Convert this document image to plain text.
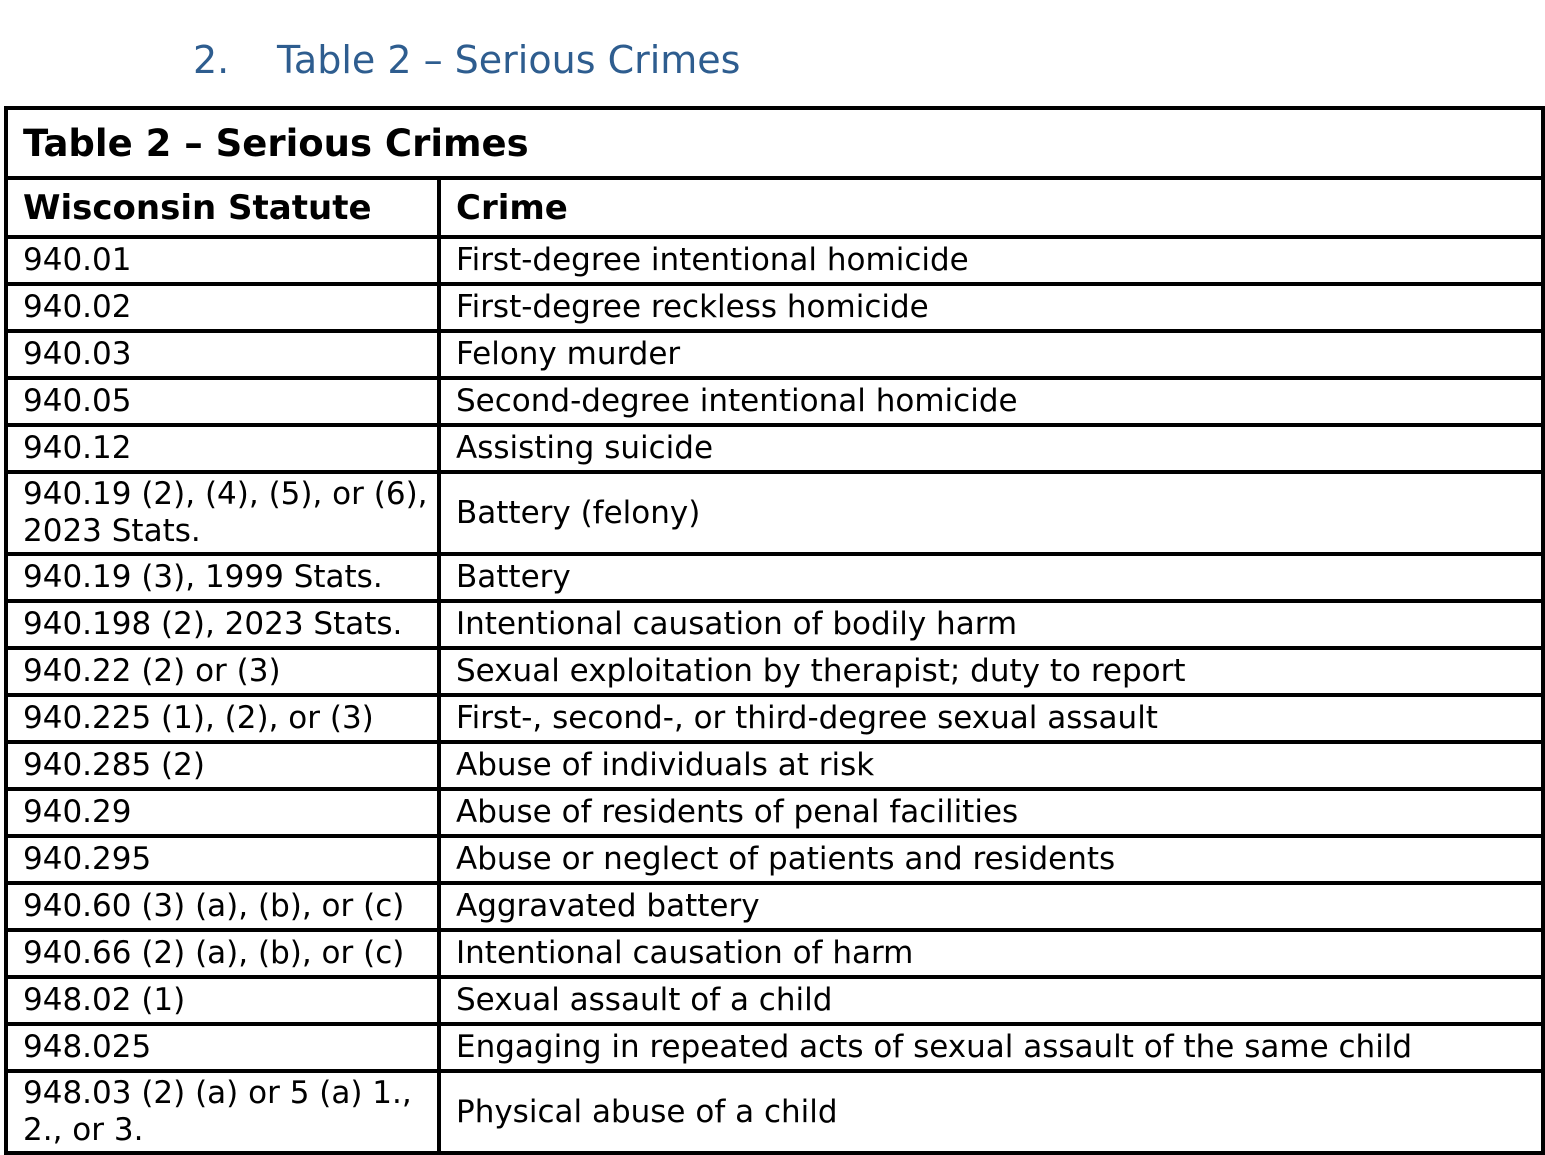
2. Table 2 – Serious Crimes
Table 2 – Serious Crimes	
Wisconsin Statute	Crime
940.01	First-degree intentional homicide
940.02	First-degree reckless homicide
940.03	Felony murder
940.05	Second-degree intentional homicide
940.12	Assisting suicide
940.19 (2), (4), (5), or (6), 2023 Stats.	Battery (felony)
940.19 (3), 1999 Stats.	Battery
940.198 (2), 2023 Stats.	Intentional causation of bodily harm
940.22 (2) or (3)	Sexual exploitation by therapist; duty to report
940.225 (1), (2), or (3)	First-, second-, or third-degree sexual assault
940.285 (2)	Abuse of individuals at risk
940.29	Abuse of residents of penal facilities
940.295	Abuse or neglect of patients and residents
940.60 (3) (a), (b), or (c)	Aggravated battery
940.66 (2) (a), (b), or (c)	Intentional causation of harm
948.02 (1)	Sexual assault of a child
948.025	Engaging in repeated acts of sexual assault of the same child
948.03 (2) (a) or 5 (a) 1., 2., or 3.	Physical abuse of a child
